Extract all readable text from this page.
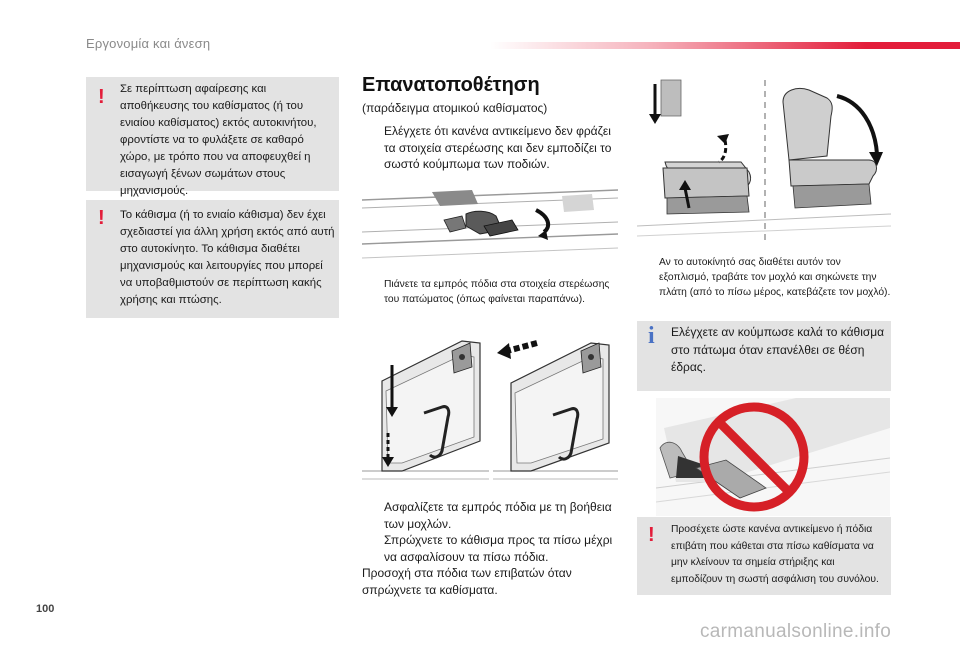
Εργονομία και άνεση
! Σε περίπτωση αφαίρεσης και αποθήκευσης του καθίσματος (ή του ενιαίου καθίσματος) εκτός αυτοκινήτου, φροντίστε να το φυλάξετε σε καθαρό χώρο, με τρόπο που να αποφευχθεί η εισαγωγή ξένων σωμάτων στους μηχανισμούς.
! Το κάθισμα (ή το ενιαίο κάθισμα) δεν έχει σχεδιαστεί για άλλη χρήση εκτός από αυτή στο αυτοκίνητο. Το κάθισμα διαθέτει μηχανισμούς και λειτουργίες που μπορεί να υποβαθμιστούν σε περίπτωση κακής χρήσης και πτώσης.
Επανατοποθέτηση
(παράδειγμα ατομικού καθίσματος)
Ελέγχετε ότι κανένα αντικείμενο δεν φράζει τα στοιχεία στερέωσης και δεν εμποδίζει το σωστό κούμπωμα των ποδιών.
Πιάνετε τα εμπρός πόδια στα στοιχεία στερέωσης του πατώματος (όπως φαίνεται παραπάνω).
Ασφαλίζετε τα εμπρός πόδια με τη βοήθεια των μοχλών.
Σπρώχνετε το κάθισμα προς τα πίσω μέχρι να ασφαλίσουν τα πίσω πόδια.
Προσοχή στα πόδια των επιβατών όταν σπρώχνετε τα καθίσματα.
Αν το αυτοκίνητό σας διαθέτει αυτόν τον εξοπλισμό, τραβάτε τον μοχλό και σηκώνετε την πλάτη (από το πίσω μέρος, κατεβάζετε τον μοχλό).
i Ελέγχετε αν κούμπωσε καλά το κάθισμα στο πάτωμα όταν επανέλθει σε θέση έδρας.
! Προσέχετε ώστε κανένα αντικείμενο ή πόδια επιβάτη που κάθεται στα πίσω καθίσματα να μην κλείνουν τα σημεία στήριξης και εμποδίζουν τη σωστή ασφάλιση του συνόλου.
100
carmanualsonline.info
